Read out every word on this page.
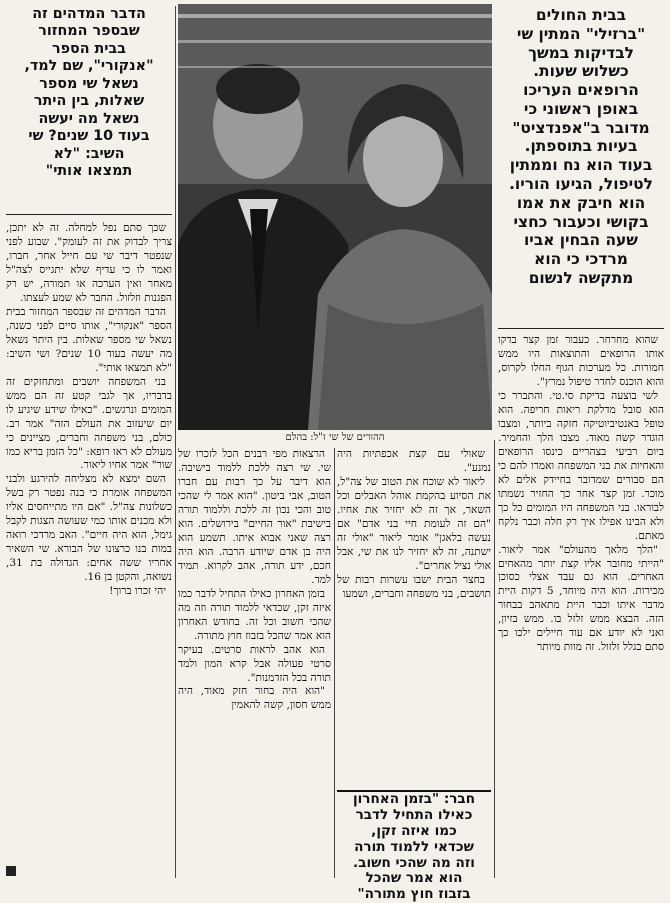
בבית החולים
"ברזילי" המתין שי
לבדיקות במשך
כשלוש שעות.
הרופאים העריכו
באופן ראשוני כי
מדובר ב"אפנדציט"
בעיות בתוספתן.
בעוד הוא נח וממתין
לטיפול, הגיעו הוריו.
הוא חיבק את אמו
בקושי וכעבור כחצי
שעה הבחין אביו
מרדכי כי הוא
מתקשה לנשום
הדבר המדהים זה
שבספר המחזור
בבית הספר
"אנקורי", שם למד,
נשאל שי מספר
שאלות, בין היתר
נשאל מה יעשה
בעוד 10 שנים? שי
השיב: "לא
תמצאו אותי"
ההורים של שי ז"ל: בהלם

שהוא מחרחר. כעבור זמן קצר בדקו אותו הרופאים והתוצאות היו ממש חמורות. כל מערכות הגוף החלו לקרוס, והוא הוכנס לחדר טיפול נמרץ".

לשי בוצעה בדיקת סי.טי. והתברר כי הוא סובל מדלקת ריאות חריפה. הוא טופל באנטיביוטיקה חזקה ביותר, ומצבו הוגדר קשה מאוד. מצבו הלך והחמיר. ביום רביעי בצהריים כינסו הרופאים והאחיות את בני המשפחה ואמרו להם כי הם סבורים שמדובר בחיידק אלים לא מוכר. זמן קצר אחר כך החזיר נשמתו לבוראו. בני המשפחה היו המומים כל כך ולא הבינו אפילו איך רק חלה וכבר נלקח מאתם.

"הלך מלאך מהעולם" אמר ליאור. "הייתי מחובר אליו קצת יותר מהאחים האחרים. הוא גם עבד אצלי כסוכן מכירות. הוא היה מיוחד, 5 דקות היית מדבר איתו וכבר היית מתאהב בבחור הזה. הבצא ממש זלזל בו. ממש בזיון, ואני לא יודע אם עוד חיילים ילכו כך סתם בגלל זלזול. זה מוות מיותר

שאולי עם קצת אכפתיות היה נמנע".

ליאור לא שוכח את הטוב של צה"ל, את הסיוע בהקמת אוהל האבלים וכל השאר, אך זה לא יחזיר את אחיו. "הם זה לעומת חיי בני אדם" אם נעשה בלאגן" אומר ליאור "אולי זה ישתנה, זה לא יחזיר לנו את שי, אבל אולי נציל אחרים".

בחצר הבית ישבו עשרות רבות של תושבים, בני משפחה וחברים, ושמעו

חבר: "בזמן האחרון
כאילו התחיל לדבר
כמו איזה זקן,
שכדאי ללמוד תורה
וזה מה שהכי חשוב.
הוא אמר שהכל
בזבוז חוץ מתורה"

הרצאות מפי רבנים הכל לזכרו של שי. שי רצה ללכת ללמוד בישיבה. הוא דיבר על כך רבות עם חברו הטוב, אבי ביטון. "הוא אמר לי שהכי טוב והכי נכון זה ללכת וללמוד תורה בישיבת "אור החיים" בירושלים. הוא רצה שאני אבוא איתו. תשמע הוא היה בן אדם שיודע הרבה. הוא היה חכם, ידע תורה, אהב לקרוא. תמיד למד.

בזמן האחרון כאילו התחיל לדבר כמו איזה זקן, שכדאי ללמוד תורה וזה מה שהכי חשוב וכל זה. בחודש האחרון הוא אמר שהכל בזבוז חוץ מתורה.

הוא אהב לראות סרטים. בעיקר סרטי פעולה אבל קרא המון ולמד תורה בכל הזדמנות".

"הוא היה בחור חזק מאוד, היה ממש חסון, קשה להאמין

שכך סתם נפל למחלה. זה לא יתכן, צריך לבדוק את זה לעומק". שבוע לפני שנפטר דיבר שי עם חייל אחר, חברו, ואמר לו כי עדיף שלא יתגייס לצה"ל מאחר ואין הערכה או תמורה, יש רק הפגנות וזלזול. החבר לא שמע לעצתו.

הדבר המדהים זה שבספר המחזור בבית הספר "אנקורי", אותו סיים לפני כשנה, נשאל שי מספר שאלות. בין היתר נשאל מה יעשה בעוד 10 שנים? ושי השיב: "לא תמצאו אותי".

בני המשפחה יושבים ומתחזקים זה בדבריו, אך לגבי קטע זה הם ממש המומים ונרגשים. "כאילו שידע שיגיע לו יום שיעזוב את העולם הזה" אמר רב. כולם, בני משפחה וחברים, מציינים כי מעולם לא ראו רופא: "כל הזמן בריא כמו שור" אמר אחיו ליאור.

השם ימצא לא מצליחה להירגע ולבני המשפחה אומרת כי בנה נפטר רק בשל כשלונות צה"ל. "אם היו מתייחסים אליו ולא מכנים אותו כמי שעושה הצגות לקבל גימל, הוא היה חיים". האב מרדכי רואה במות בנו כרצונו של הבורא. שי השאיר אחריו ששה אחים: הגדולה בת 31, נשואה, והקטן בן 16.

יהי זכרו ברוך!
